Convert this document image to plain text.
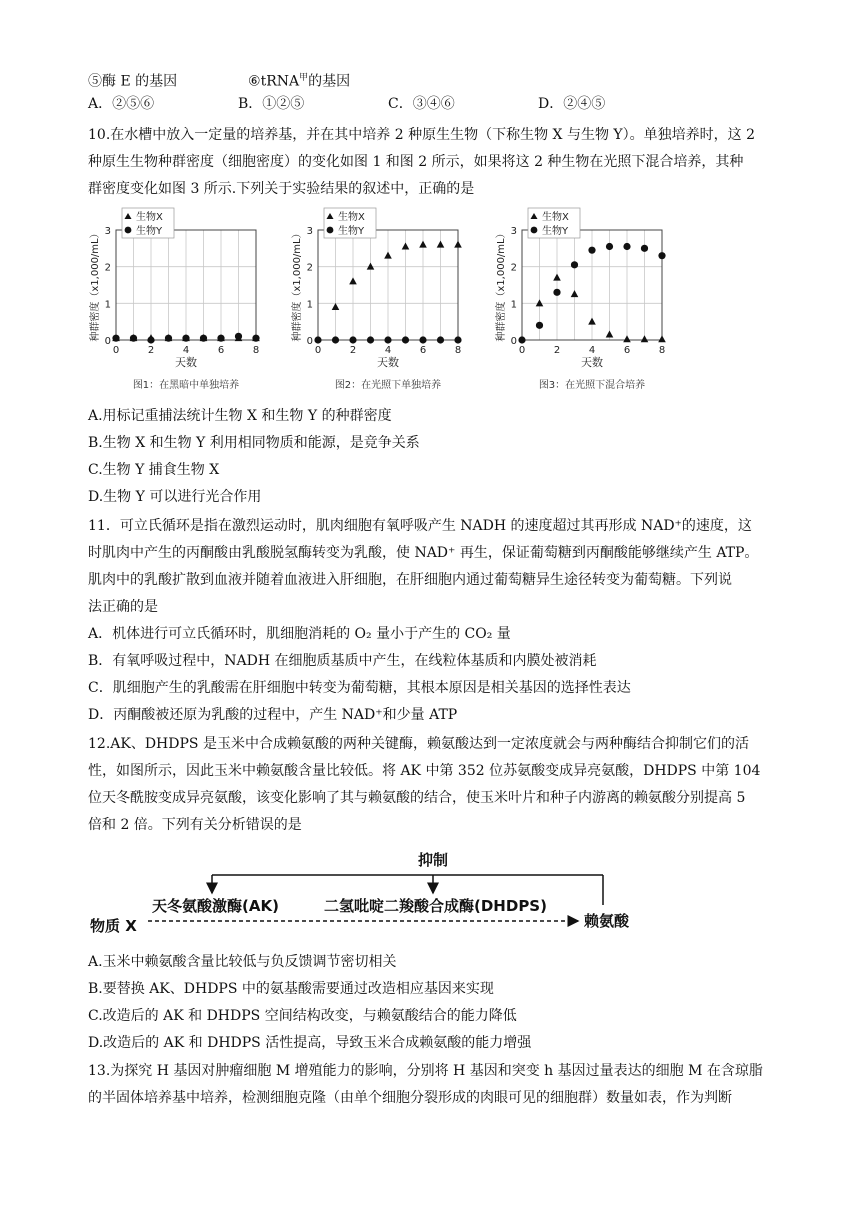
⑤酶 E 的基因	⑥tRNA$^甲$的基因
A．②⑤⑥	B．①②⑤	C．③④⑥	D．②④⑤
10.在水槽中放入一定量的培养基，并在其中培养 2 种原生生物（下称生物 X 与生物 Y）。单独培养时，这 2
种原生生物种群密度（细胞密度）的变化如图 1 和图 2 所示，如果将这 2 种生物在光照下混合培养，其种
群密度变化如图 3 所示.下列关于实验结果的叙述中，正确的是
0	2	4	6	8
0
1
2
3
天数
种群密度（x1,000/mL）
生物X
生物Y
图1：在黑暗中单独培养
0	2	4	6	8
0
1
2
3
天数
种群密度（x1,000/mL）
生物X
生物Y
图2：在光照下单独培养
0	2	4	6	8
0
1
2
3
天数
种群密度（x1,000/mL）
生物X
生物Y
图3：在光照下混合培养
A.用标记重捕法统计生物 X 和生物 Y 的种群密度
B.生物 X 和生物 Y 利用相同物质和能源，是竞争关系
C.生物 Y 捕食生物 X
D.生物 Y 可以进行光合作用
11．可立氏循环是指在激烈运动时，肌肉细胞有氧呼吸产生 NADH 的速度超过其再形成 NAD⁺的速度，这
时肌肉中产生的丙酮酸由乳酸脱氢酶转变为乳酸，使 NAD⁺ 再生，保证葡萄糖到丙酮酸能够继续产生 ATP。
肌肉中的乳酸扩散到血液并随着血液进入肝细胞，在肝细胞内通过葡萄糖异生途径转变为葡萄糖。下列说
法正确的是
A．机体进行可立氏循环时，肌细胞消耗的 O₂ 量小于产生的 CO₂ 量
B．有氧呼吸过程中，NADH 在细胞质基质中产生，在线粒体基质和内膜处被消耗
C．肌细胞产生的乳酸需在肝细胞中转变为葡萄糖，其根本原因是相关基因的选择性表达
D．丙酮酸被还原为乳酸的过程中，产生 NAD⁺和少量 ATP
12.AK、DHDPS 是玉米中合成赖氨酸的两种关键酶，赖氨酸达到一定浓度就会与两种酶结合抑制它们的活
性，如图所示，因此玉米中赖氨酸含量比较低。将 AK 中第 352 位苏氨酸变成异亮氨酸，DHDPS 中第 104
位天冬酰胺变成异亮氨酸，该变化影响了其与赖氨酸的结合，使玉米叶片和种子内游离的赖氨酸分别提高 5
倍和 2 倍。下列有关分析错误的是
抑制
天冬氨酸激酶(AK)	二氢吡啶二羧酸合成酶(DHDPS)
物质 X	赖氨酸
A.玉米中赖氨酸含量比较低与负反馈调节密切相关
B.要替换 AK、DHDPS 中的氨基酸需要通过改造相应基因来实现
C.改造后的 AK 和 DHDPS 空间结构改变，与赖氨酸结合的能力降低
D.改造后的 AK 和 DHDPS 活性提高，导致玉米合成赖氨酸的能力增强
13.为探究 H 基因对肿瘤细胞 M 增殖能力的影响，分别将 H 基因和突变 h 基因过量表达的细胞 M 在含琼脂
的半固体培养基中培养，检测细胞克隆（由单个细胞分裂形成的肉眼可见的细胞群）数量如表，作为判断
